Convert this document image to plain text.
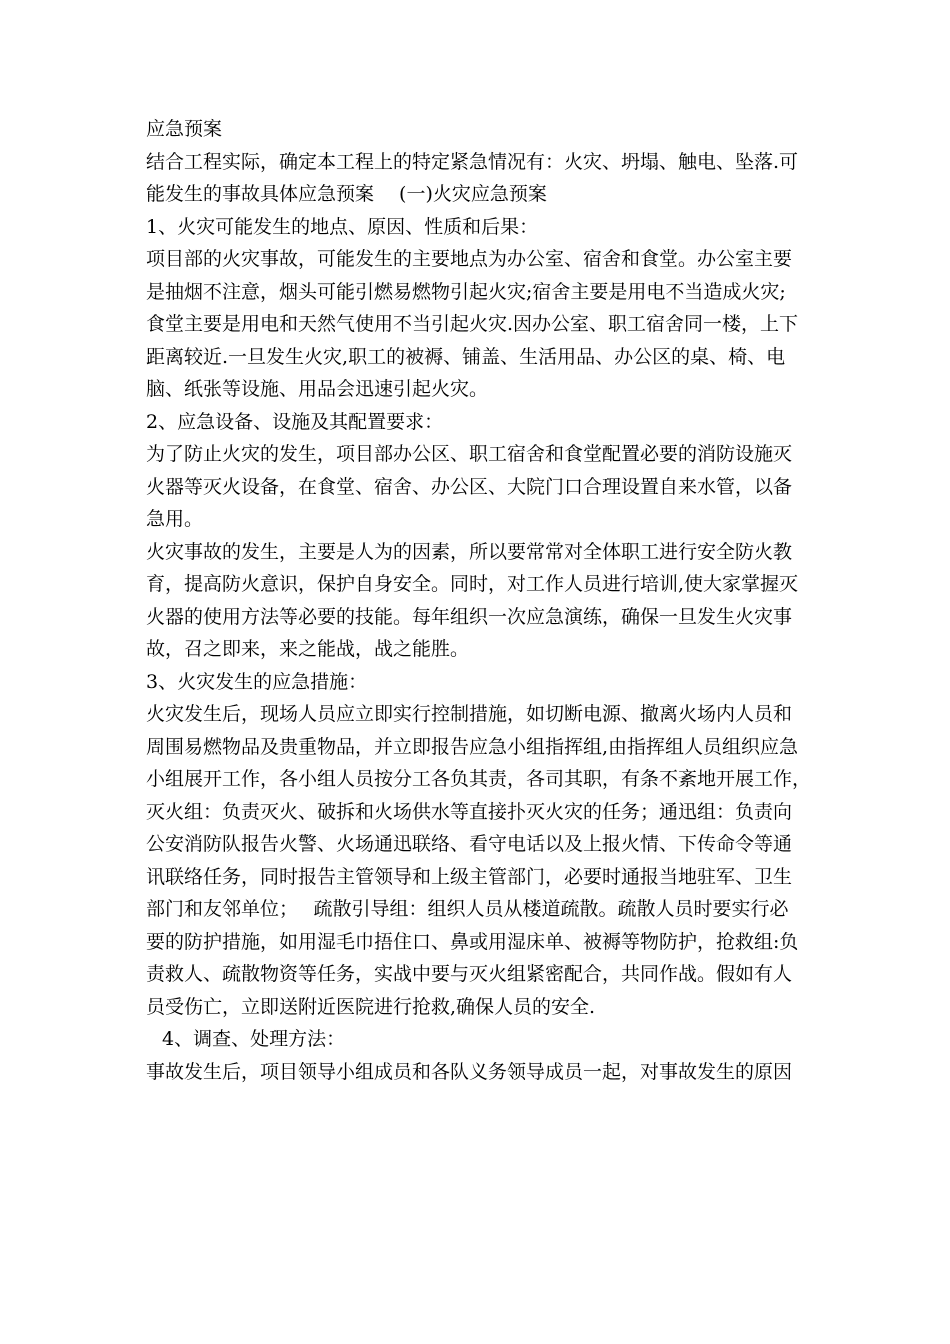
应急预案
结合工程实际，确定本工程上的特定紧急情况有：火灾、坍塌、触电、坠落.可
能发生的事故具体应急预案　 (一)火灾应急预案
1、火灾可能发生的地点、原因、性质和后果：
项目部的火灾事故，可能发生的主要地点为办公室、宿舍和食堂。办公室主要
是抽烟不注意，烟头可能引燃易燃物引起火灾;宿舍主要是用电不当造成火灾;
食堂主要是用电和天然气使用不当引起火灾.因办公室、职工宿舍同一楼，上下
距离较近.一旦发生火灾,职工的被褥、铺盖、生活用品、办公区的桌、椅、电
脑、纸张等设施、用品会迅速引起火灾。
2、应急设备、设施及其配置要求：
为了防止火灾的发生，项目部办公区、职工宿舍和食堂配置必要的消防设施灭
火器等灭火设备，在食堂、宿舍、办公区、大院门口合理设置自来水管，以备
急用。
火灾事故的发生，主要是人为的因素，所以要常常对全体职工进行安全防火教
育，提高防火意识，保护自身安全。同时，对工作人员进行培训,使大家掌握灭
火器的使用方法等必要的技能。每年组织一次应急演练，确保一旦发生火灾事
故，召之即来，来之能战，战之能胜。
3、火灾发生的应急措施：
火灾发生后，现场人员应立即实行控制措施，如切断电源、撤离火场内人员和
周围易燃物品及贵重物品，并立即报告应急小组指挥组,由指挥组人员组织应急
小组展开工作，各小组人员按分工各负其责，各司其职，有条不紊地开展工作，
灭火组：负责灭火、破拆和火场供水等直接扑灭火灾的任务；通迅组：负责向
公安消防队报告火警、火场通迅联络、看守电话以及上报火情、下传命令等通
讯联络任务，同时报告主管领导和上级主管部门，必要时通报当地驻军、卫生
部门和友邻单位；　 疏散引导组：组织人员从楼道疏散。疏散人员时要实行必
要的防护措施，如用湿毛巾捂住口、鼻或用湿床单、被褥等物防护，抢救组:负
责救人、疏散物资等任务，实战中要与灭火组紧密配合，共同作战。假如有人
员受伤亡，立即送附近医院进行抢救,确保人员的安全.
4、调查、处理方法：
事故发生后，项目领导小组成员和各队义务领导成员一起，对事故发生的原因
